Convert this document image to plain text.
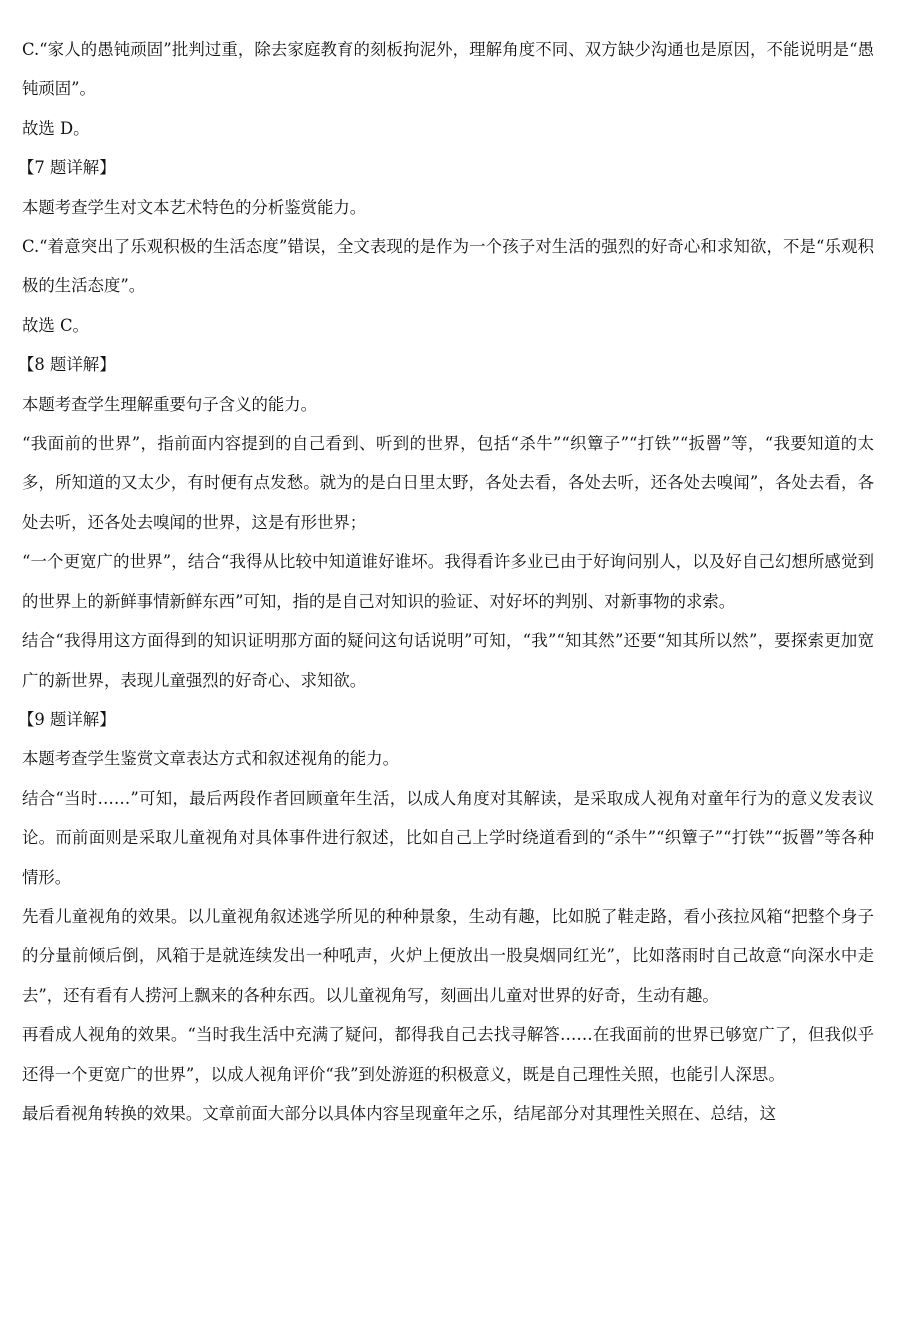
C.“家人的愚钝顽固”批判过重，除去家庭教育的刻板拘泥外，理解角度不同、双方缺少沟通也是原因，不能说明是“愚钝顽固”。

故选 D。

【7 题详解】

本题考查学生对文本艺术特色的分析鉴赏能力。

C.“着意突出了乐观积极的生活态度”错误，全文表现的是作为一个孩子对生活的强烈的好奇心和求知欲，不是“乐观积极的生活态度”。

故选 C。

【8 题详解】

本题考查学生理解重要句子含义的能力。

“我面前的世界”，指前面内容提到的自己看到、听到的世界，包括“杀牛”“织簟子”“打铁”“扳罾”等，“我要知道的太多，所知道的又太少，有时便有点发愁。就为的是白日里太野，各处去看，各处去听，还各处去嗅闻”，各处去看，各处去听，还各处去嗅闻的世界，这是有形世界；

“一个更宽广的世界”，结合“我得从比较中知道谁好谁坏。我得看许多业已由于好询问别人，以及好自己幻想所感觉到的世界上的新鲜事情新鲜东西”可知，指的是自己对知识的验证、对好坏的判别、对新事物的求索。

结合“我得用这方面得到的知识证明那方面的疑问这句话说明”可知，“我”“知其然”还要“知其所以然”，要探索更加宽广的新世界，表现儿童强烈的好奇心、求知欲。

【9 题详解】

本题考查学生鉴赏文章表达方式和叙述视角的能力。

结合“当时……”可知，最后两段作者回顾童年生活，以成人角度对其解读，是采取成人视角对童年行为的意义发表议论。而前面则是采取儿童视角对具体事件进行叙述，比如自己上学时绕道看到的“杀牛”“织簟子”“打铁”“扳罾”等各种情形。

先看儿童视角的效果。以儿童视角叙述逃学所见的种种景象，生动有趣，比如脱了鞋走路，看小孩拉风箱“把整个身子的分量前倾后倒，风箱于是就连续发出一种吼声，火炉上便放出一股臭烟同红光”，比如落雨时自己故意“向深水中走去”，还有看有人捞河上飘来的各种东西。以儿童视角写，刻画出儿童对世界的好奇，生动有趣。

再看成人视角的效果。“当时我生活中充满了疑问，都得我自己去找寻解答……在我面前的世界已够宽广了，但我似乎还得一个更宽广的世界”，以成人视角评价“我”到处游逛的积极意义，既是自己理性关照，也能引人深思。

最后看视角转换的效果。文章前面大部分以具体内容呈现童年之乐，结尾部分对其理性关照在、总结，这
